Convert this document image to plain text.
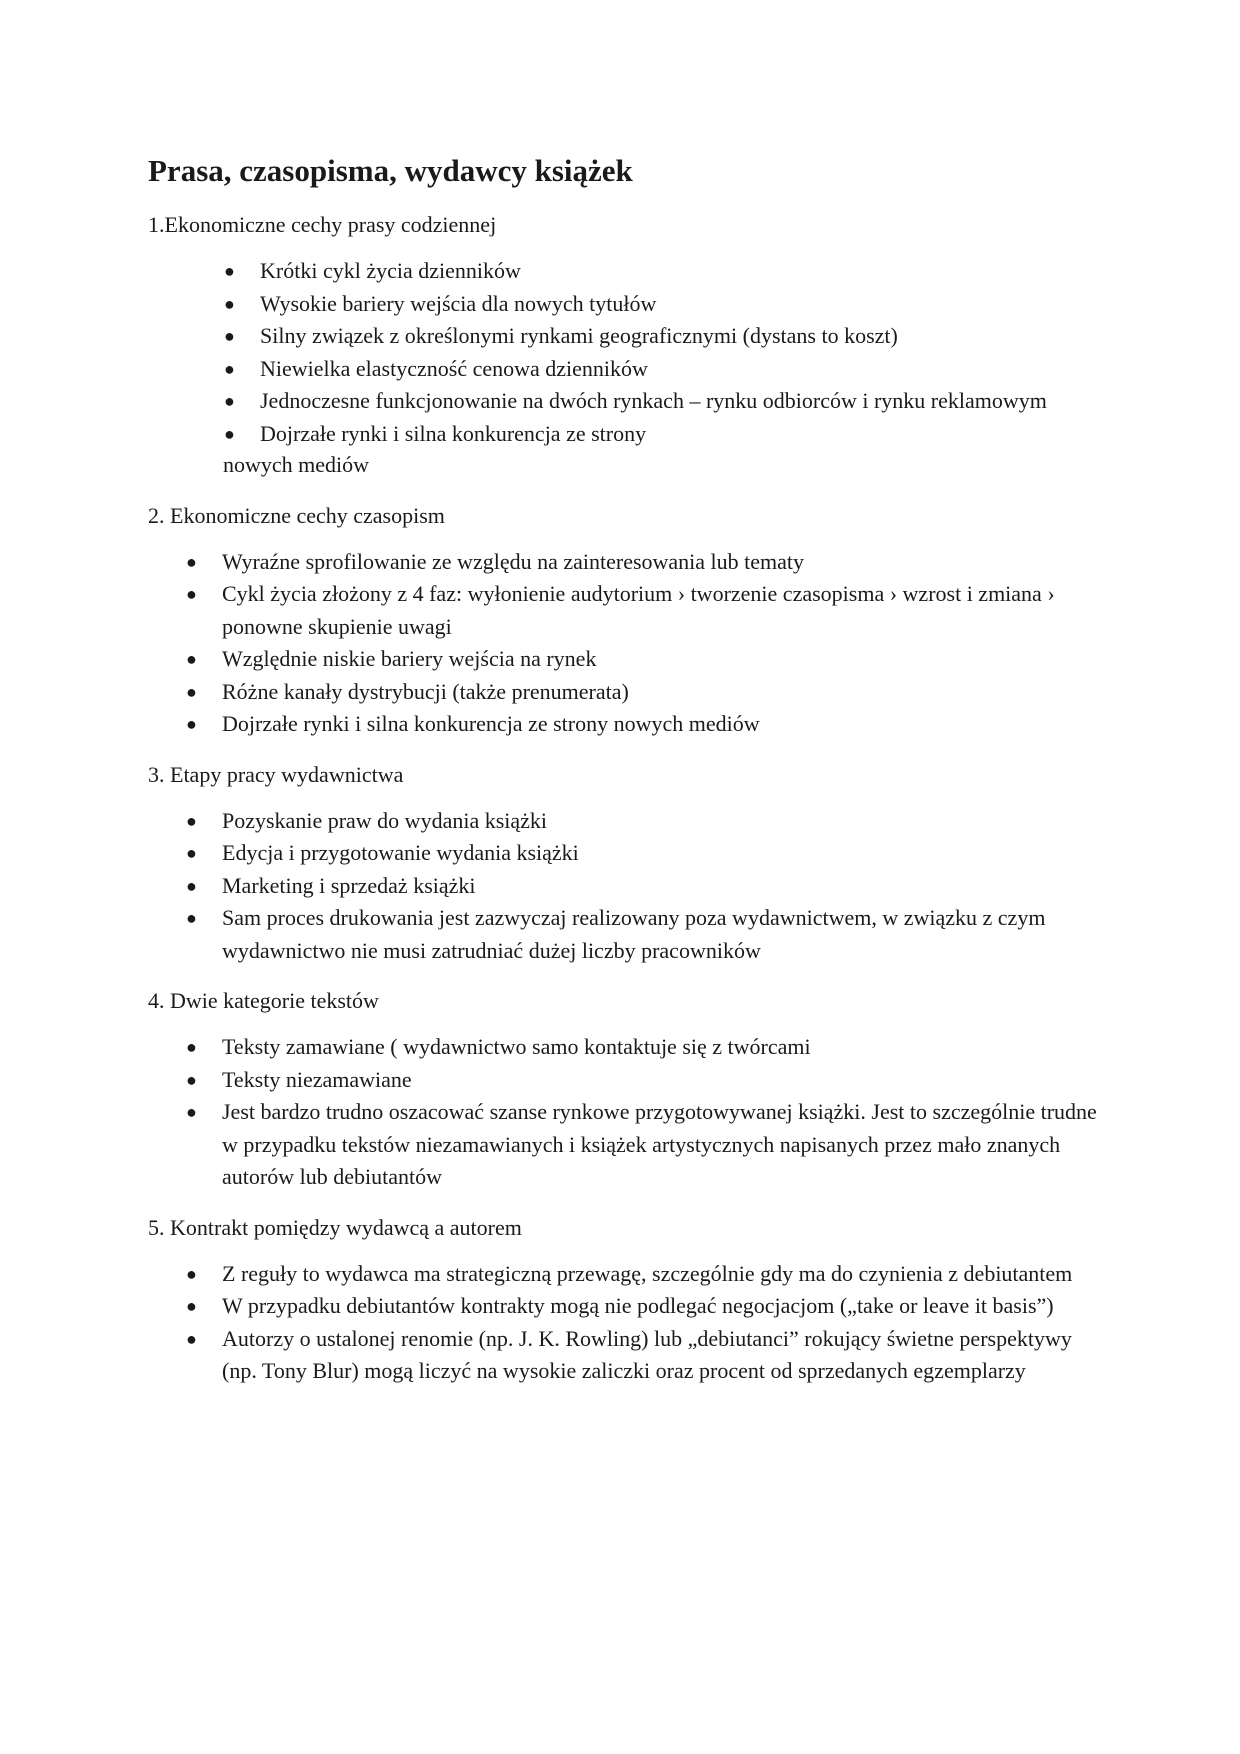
Prasa, czasopisma, wydawcy książek
1.Ekonomiczne cechy prasy codziennej
● Krótki cykl życia dzienników
● Wysokie bariery wejścia dla nowych tytułów
● Silny związek z określonymi rynkami geograficznymi (dystans to koszt)
● Niewielka elastyczność cenowa dzienników
● Jednoczesne funkcjonowanie na dwóch rynkach – rynku odbiorców i rynku reklamowym
● Dojrzałe rynki i silna konkurencja ze strony
nowych mediów
2. Ekonomiczne cechy czasopism
● Wyraźne sprofilowanie ze względu na zainteresowania lub tematy
● Cykl życia złożony z 4 faz: wyłonienie audytorium › tworzenie czasopisma › wzrost i zmiana › ponowne skupienie uwagi
● Względnie niskie bariery wejścia na rynek
● Różne kanały dystrybucji (także prenumerata)
● Dojrzałe rynki i silna konkurencja ze strony nowych mediów
3. Etapy pracy wydawnictwa
● Pozyskanie praw do wydania książki
● Edycja i przygotowanie wydania książki
● Marketing i sprzedaż książki
● Sam proces drukowania jest zazwyczaj realizowany poza wydawnictwem, w związku z czym wydawnictwo nie musi zatrudniać dużej liczby pracowników
4. Dwie kategorie tekstów
● Teksty zamawiane ( wydawnictwo samo kontaktuje się z twórcami
● Teksty niezamawiane
● Jest bardzo trudno oszacować szanse rynkowe przygotowywanej książki. Jest to szczególnie trudne w przypadku tekstów niezamawianych i książek artystycznych napisanych przez mało znanych autorów lub debiutantów
5. Kontrakt pomiędzy wydawcą a autorem
● Z reguły to wydawca ma strategiczną przewagę, szczególnie gdy ma do czynienia z debiutantem
● W przypadku debiutantów kontrakty mogą nie podlegać negocjacjom („take or leave it basis”)
● Autorzy o ustalonej renomie (np. J. K. Rowling) lub „debiutanci” rokujący świetne perspektywy (np. Tony Blur) mogą liczyć na wysokie zaliczki oraz procent od sprzedanych egzemplarzy
